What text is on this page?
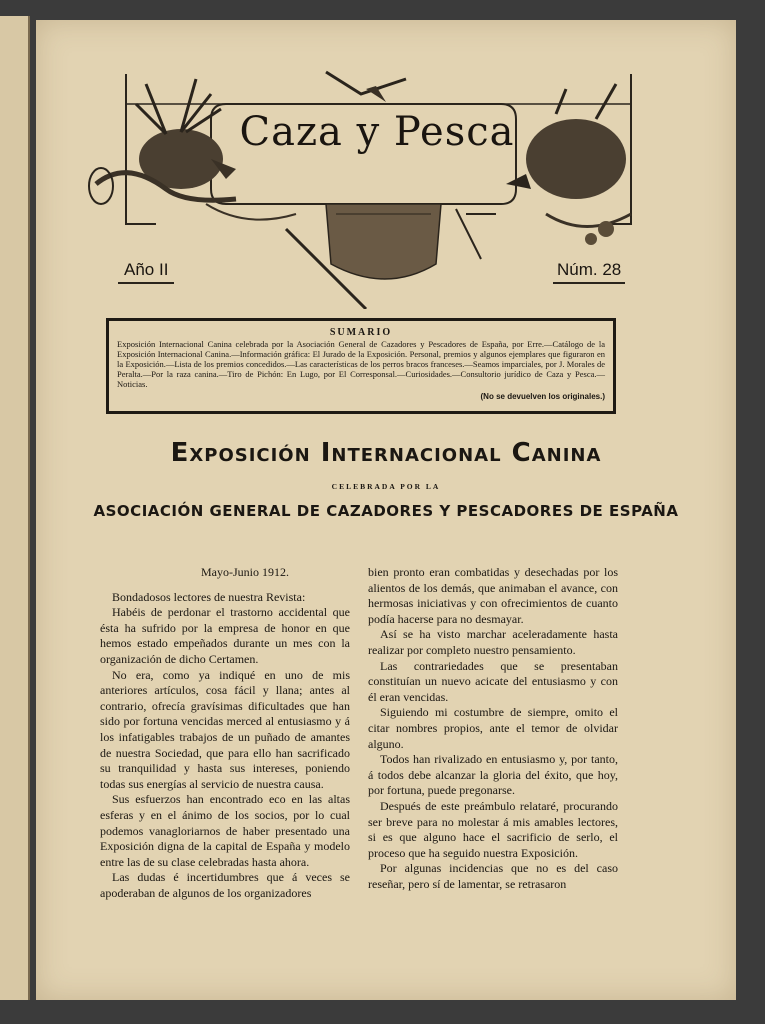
Caza y Pesca
Año II	Núm. 28
SUMARIO
Exposición Internacional Canina celebrada por la Asociación General de Cazadores y Pescadores de España, por Erre.—Catálogo de la Exposición Internacional Canina.—Información gráfica: El Jurado de la Exposición. Personal, premios y algunos ejemplares que figuraron en la Exposición.—Lista de los premios concedidos.—Las características de los perros bracos franceses.—Seamos imparciales, por J. Morales de Peralta.—Por la raza canina.—Tiro de Pichón: En Lugo, por El Corresponsal.—Curiosidades.—Consultorio jurídico de Caza y Pesca.—Noticias.
(No se devuelven los originales.)
Exposición Internacional Canina
CELEBRADA POR LA
ASOCIACIÓN GENERAL DE CAZADORES Y PESCADORES DE ESPAÑA
Mayo-Junio 1912.

Bondadosos lectores de nuestra Revista:

Habéis de perdonar el trastorno accidental que ésta ha sufrido por la empresa de honor en que hemos estado empeñados durante un mes con la organización de dicho Certamen.

No era, como ya indiqué en uno de mis anteriores artículos, cosa fácil y llana; antes al contrario, ofrecía gravísimas dificultades que han sido por fortuna vencidas merced al entusiasmo y á los infatigables trabajos de un puñado de amantes de nuestra Sociedad, que para ello han sacrificado su tranquilidad y hasta sus intereses, poniendo todas sus energías al servicio de nuestra causa.

Sus esfuerzos han encontrado eco en las altas esferas y en el ánimo de los socios, por lo cual podemos vanagloriarnos de haber presentado una Exposición digna de la capital de España y modelo entre las de su clase celebradas hasta ahora.

Las dudas é incertidumbres que á veces se apoderaban de algunos de los organizadores

bien pronto eran combatidas y desechadas por los alientos de los demás, que animaban el avance, con hermosas iniciativas y con ofrecimientos de cuanto podía hacerse para no desmayar.

Así se ha visto marchar aceleradamente hasta realizar por completo nuestro pensamiento.

Las contrariedades que se presentaban constituían un nuevo acicate del entusiasmo y con él eran vencidas.

Siguiendo mi costumbre de siempre, omito el citar nombres propios, ante el temor de olvidar alguno.

Todos han rivalizado en entusiasmo y, por tanto, á todos debe alcanzar la gloria del éxito, que hoy, por fortuna, puede pregonarse.

Después de este preámbulo relataré, procurando ser breve para no molestar á mis amables lectores, si es que alguno hace el sacrificio de serlo, el proceso que ha seguido nuestra Exposición.

Por algunas incidencias que no es del caso reseñar, pero sí de lamentar, se retrasaron
